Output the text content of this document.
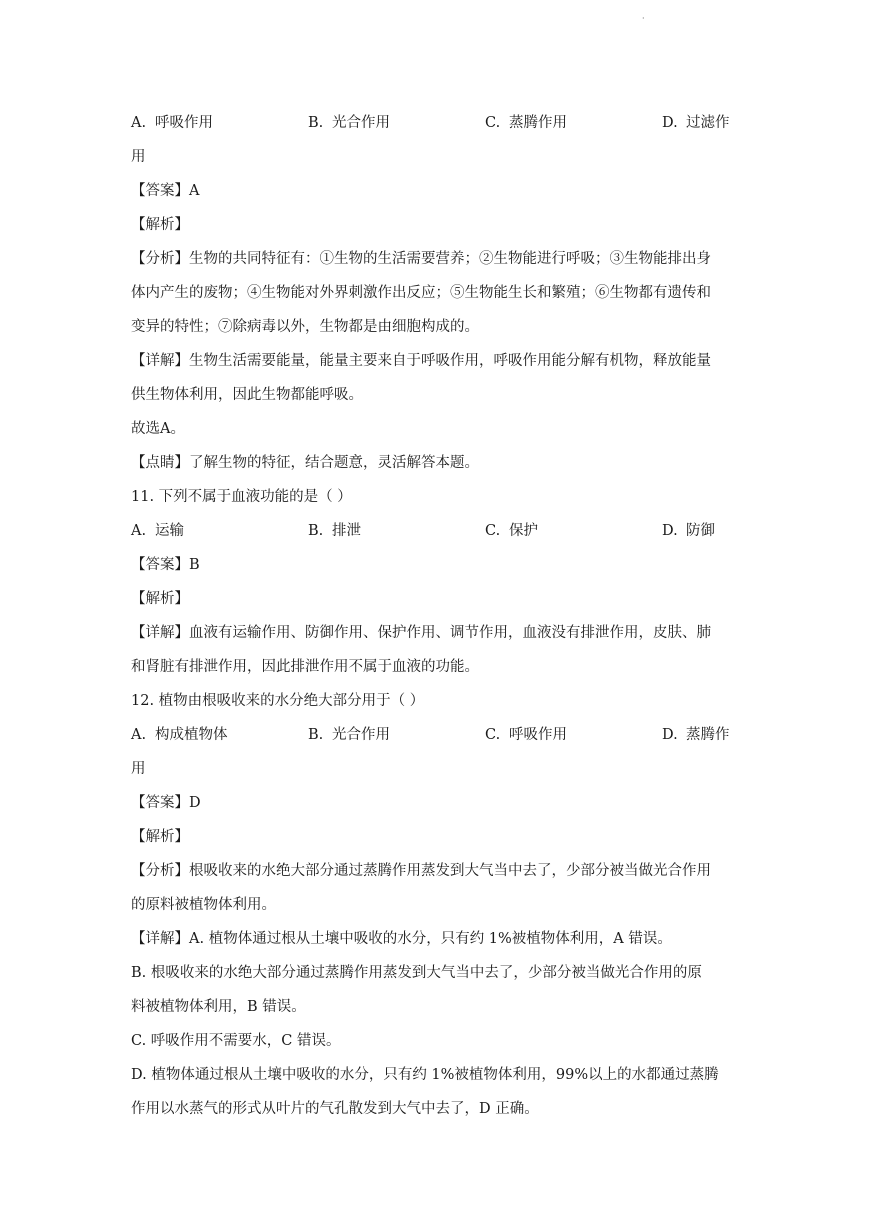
·
A. 呼吸作用	B. 光合作用	C. 蒸腾作用	D. 过滤作
用
【答案】A
【解析】
【分析】生物的共同特征有：①生物的生活需要营养；②生物能进行呼吸；③生物能排出身
体内产生的废物；④生物能对外界刺激作出反应；⑤生物能生长和繁殖；⑥生物都有遗传和
变异的特性；⑦除病毒以外，生物都是由细胞构成的。
【详解】生物生活需要能量，能量主要来自于呼吸作用，呼吸作用能分解有机物，释放能量
供生物体利用，因此生物都能呼吸。
故选A。
【点睛】了解生物的特征，结合题意，灵活解答本题。
11. 下列不属于血液功能的是（ ）
A. 运输	B. 排泄	C. 保护	D. 防御
【答案】B
【解析】
【详解】血液有运输作用、防御作用、保护作用、调节作用，血液没有排泄作用，皮肤、肺
和肾脏有排泄作用，因此排泄作用不属于血液的功能。
12. 植物由根吸收来的水分绝大部分用于（ ）
A. 构成植物体	B. 光合作用	C. 呼吸作用	D. 蒸腾作
用
【答案】D
【解析】
【分析】根吸收来的水绝大部分通过蒸腾作用蒸发到大气当中去了，少部分被当做光合作用
的原料被植物体利用。
【详解】A. 植物体通过根从土壤中吸收的水分，只有约 1%被植物体利用，A 错误。
B. 根吸收来的水绝大部分通过蒸腾作用蒸发到大气当中去了，少部分被当做光合作用的原
料被植物体利用，B 错误。
C. 呼吸作用不需要水，C 错误。
D. 植物体通过根从土壤中吸收的水分，只有约 1%被植物体利用，99%以上的水都通过蒸腾
作用以水蒸气的形式从叶片的气孔散发到大气中去了，D 正确。
